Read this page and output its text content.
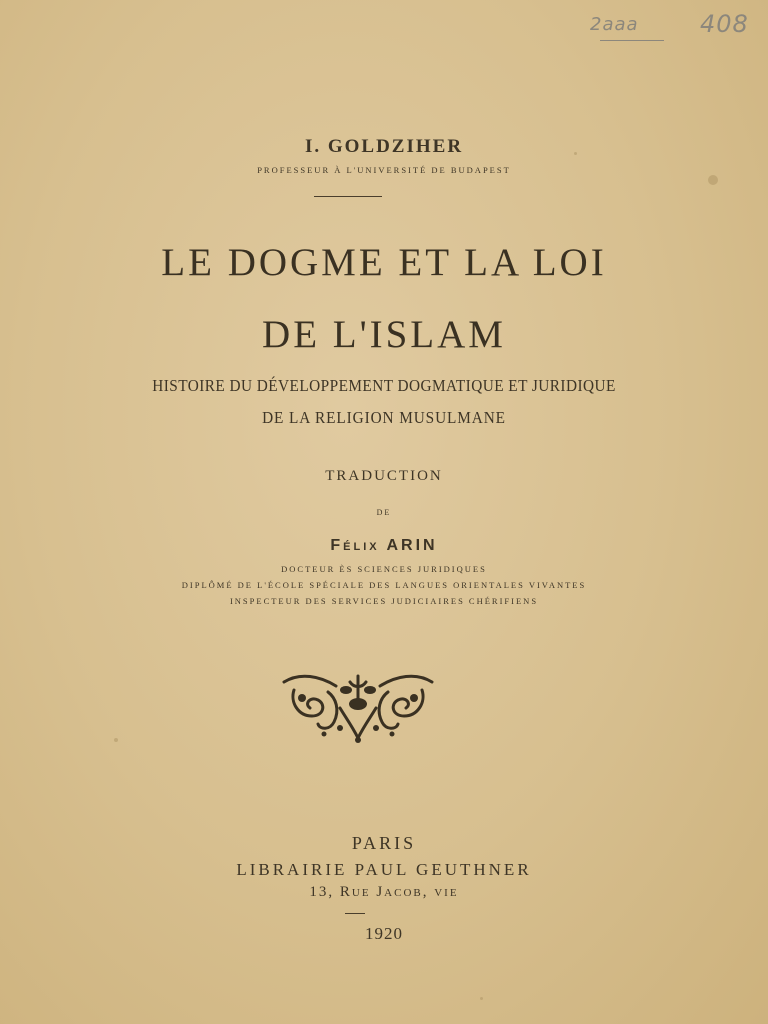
2aaa	408
I. GOLDZIHER
PROFESSEUR À L'UNIVERSITÉ DE BUDAPEST
LE DOGME ET LA LOI
DE L'ISLAM
HISTOIRE DU DÉVELOPPEMENT DOGMATIQUE ET JURIDIQUE
DE LA RELIGION MUSULMANE
TRADUCTION
DE
Félix ARIN
DOCTEUR ÈS SCIENCES JURIDIQUES
DIPLÔMÉ DE L'ÉCOLE SPÉCIALE DES LANGUES ORIENTALES VIVANTES
INSPECTEUR DES SERVICES JUDICIAIRES CHÉRIFIENS
PARIS
LIBRAIRIE PAUL GEUTHNER
13, Rue Jacob, vie
1920
